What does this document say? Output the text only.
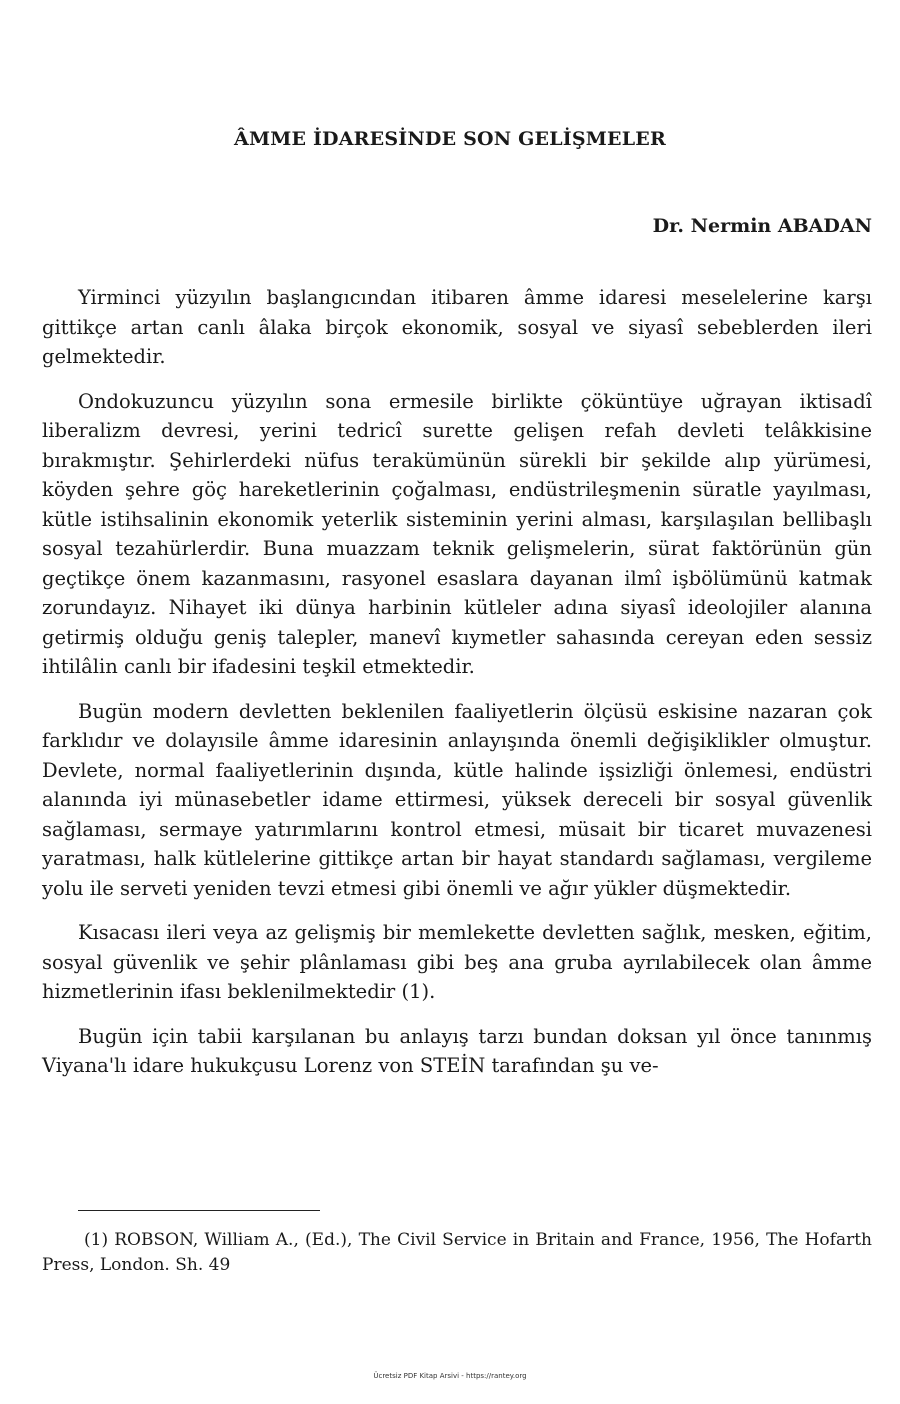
ÂMME İDARESİNDE SON GELİŞMELER
Dr. Nermin ABADAN

Yirminci yüzyılın başlangıcından itibaren âmme idaresi meselelerine karşı gittikçe artan canlı âlaka birçok ekonomik, sosyal ve siyasî sebeblerden ileri gelmektedir.

Ondokuzuncu yüzyılın sona ermesile birlikte çöküntüye uğrayan iktisadî liberalizm devresi, yerini tedricî surette gelişen refah devleti telâkkisine bırakmıştır. Şehirlerdeki nüfus terakümünün sürekli bir şekilde alıp yürümesi, köyden şehre göç hareketlerinin çoğalması, endüstrileşmenin süratle yayılması, kütle istihsalinin ekonomik yeterlik sisteminin yerini alması, karşılaşılan bellibaşlı sosyal tezahürlerdir. Buna muazzam teknik gelişmelerin, sürat faktörünün gün geçtikçe önem kazanmasını, rasyonel esaslara dayanan ilmî işbölümünü katmak zorundayız. Nihayet iki dünya harbinin kütleler adına siyasî ideolojiler alanına getirmiş olduğu geniş talepler, manevî kıymetler sahasında cereyan eden sessiz ihtilâlin canlı bir ifadesini teşkil etmektedir.

Bugün modern devletten beklenilen faaliyetlerin ölçüsü eskisine nazaran çok farklıdır ve dolayısile âmme idaresinin anlayışında önemli değişiklikler olmuştur. Devlete, normal faaliyetlerinin dışında, kütle halinde işsizliği önlemesi, endüstri alanında iyi münasebetler idame ettirmesi, yüksek dereceli bir sosyal güvenlik sağlaması, sermaye yatırımlarını kontrol etmesi, müsait bir ticaret muvazenesi yaratması, halk kütlelerine gittikçe artan bir hayat standardı sağlaması, vergileme yolu ile serveti yeniden tevzi etmesi gibi önemli ve ağır yükler düşmektedir.

Kısacası ileri veya az gelişmiş bir memlekette devletten sağlık, mesken, eğitim, sosyal güvenlik ve şehir plânlaması gibi beş ana gruba ayrılabilecek olan âmme hizmetlerinin ifası beklenilmektedir (1).

Bugün için tabii karşılanan bu anlayış tarzı bundan doksan yıl önce tanınmış Viyana'lı idare hukukçusu Lorenz von STEİN tarafından şu ve-

(1) ROBSON, William A., (Ed.), The Civil Service in Britain and France, 1956, The Hofarth Press, London. Sh. 49
Ücretsiz PDF Kitap Arsivi - https://rantey.org
